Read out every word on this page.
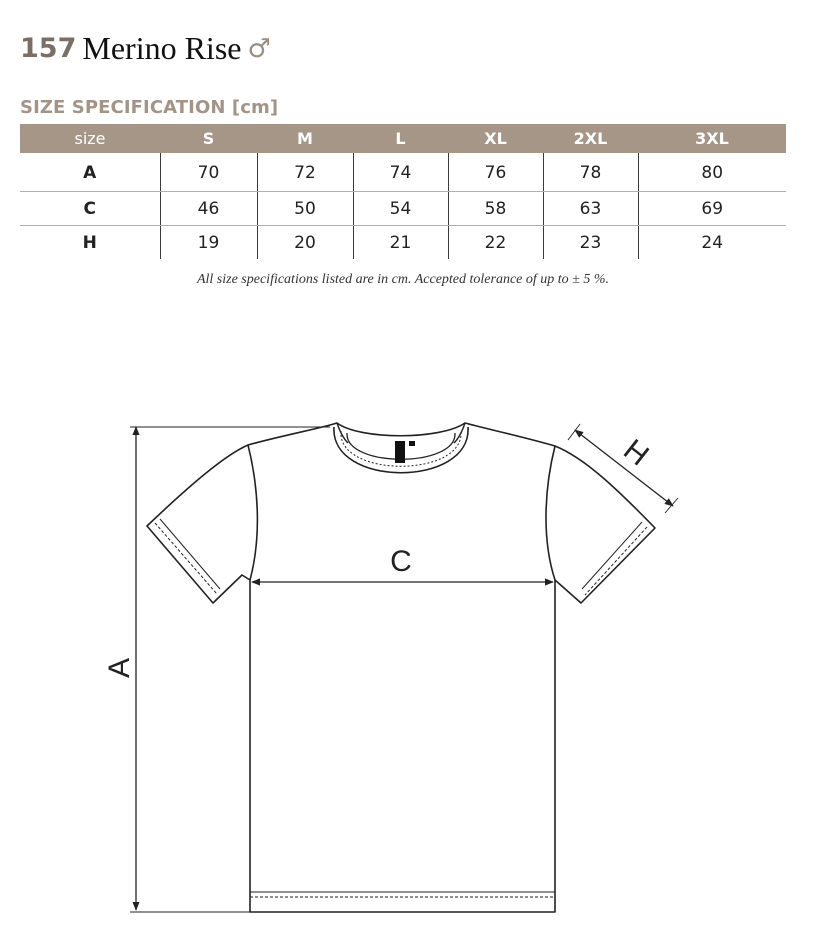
157 Merino Rise ♂
SIZE SPECIFICATION [cm]
size	S	M	L	XL	2XL	3XL
A	70	72	74	76	78	80
C	46	50	54	58	63	69
H	19	20	21	22	23	24
All size specifications listed are in cm. Accepted tolerance of up to ± 5 %.
A
C
H
